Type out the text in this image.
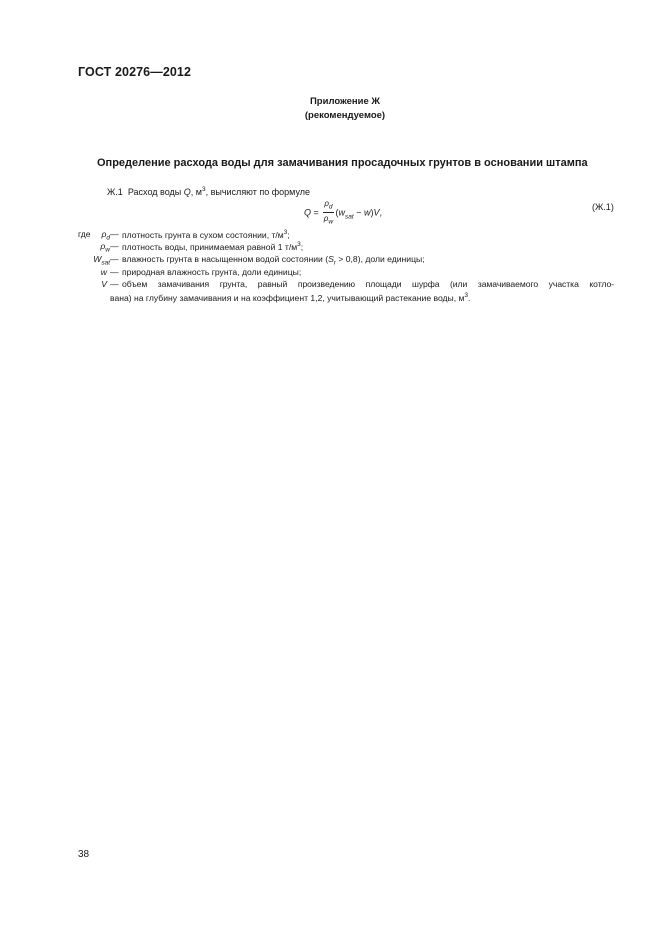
ГОСТ 20276—2012
Приложение Ж
(рекомендуемое)
Определение расхода воды для замачивания просадочных грунтов в основании штампа
Ж.1 Расход воды Q, $м^3$, вычисляют по формуле
$Q = \frac{\rho_d}{\rho_w} (w_{sat} - w)V$,
(Ж.1)
где	$\rho_d$ — плотность грунта в сухом состоянии, $т/м^3$;
$\rho_w$ — плотность воды, принимаемая равной 1 $т/м^3$;
$W_{sat}$ — влажность грунта в насыщенном водой состоянии $(S_r > 0,8)$, доли единицы;
w — природная влажность грунта, доли единицы;
V — объем замачивания грунта, равный произведению площади шурфа (или замачиваемого участка котло-
вана) на глубину замачивания и на коэффициент 1,2, учитывающий растекание воды, $м^3$.
38
